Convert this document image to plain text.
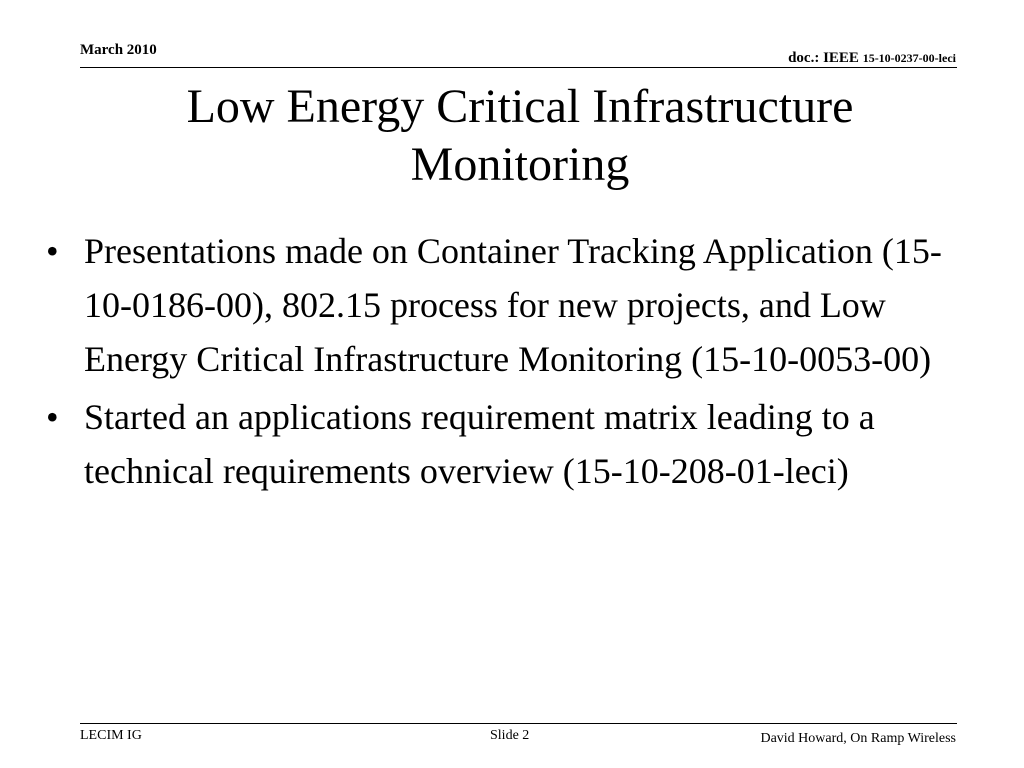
March 2010	doc.: IEEE 15-10-0237-00-leci
Low Energy Critical Infrastructure
Monitoring
• Presentations made on Container Tracking Application (15-10-0186-00), 802.15 process for new projects, and Low Energy Critical Infrastructure Monitoring (15-10-0053-00)
• Started an applications requirement matrix leading to a technical requirements overview (15-10-208-01-leci)
LECIM IG	Slide 2	David Howard, On Ramp Wireless
